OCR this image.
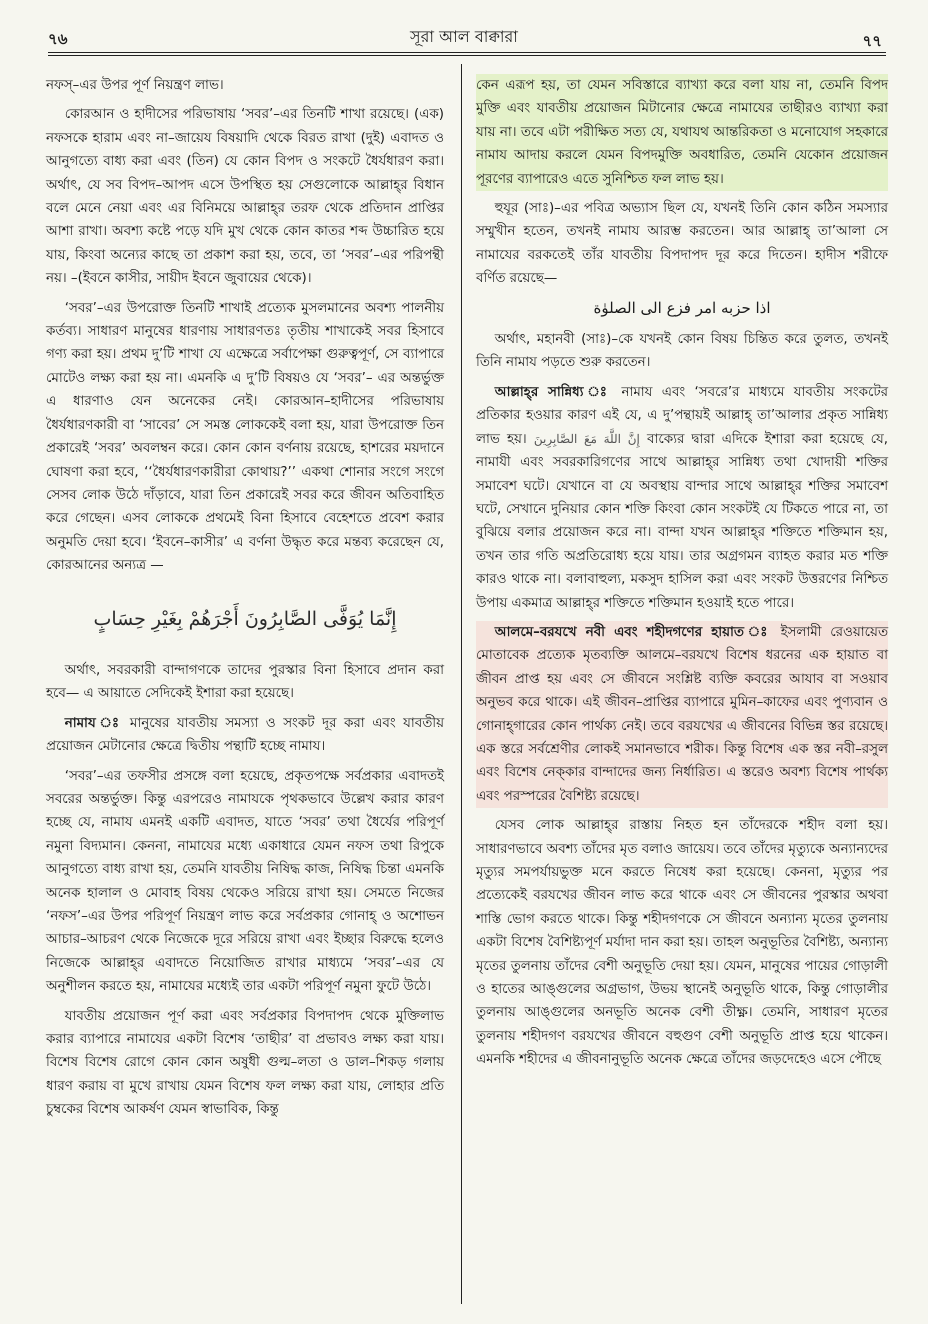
৭৬	সূরা আল বাক্বারা	৭৭

নফস্‌–এর উপর পূর্ণ নিয়ন্ত্রণ লাভ।

কোরআন ও হাদীসের পরিভাষায় ‘সবর’–এর তিনটি শাখা রয়েছে। (এক) নফসকে হারাম এবং না–জায়েয বিষয়াদি থেকে বিরত রাখা (দুই) এবাদত ও আনুগত্যে বাধ্য করা এবং (তিন) যে কোন বিপদ ও সংকটে ধৈর্যধারণ করা। অর্থাৎ, যে সব বিপদ–আপদ এসে উপস্থিত হয় সেগুলোকে আল্লাহ্‌র বিধান বলে মেনে নেয়া এবং এর বিনিময়ে আল্লাহ্‌র তরফ থেকে প্রতিদান প্রাপ্তির আশা রাখা। অবশ্য কষ্টে পড়ে যদি মুখ থেকে কোন কাতর শব্দ উচ্চারিত হয়ে যায়, কিংবা অন্যের কাছে তা প্রকাশ করা হয়, তবে, তা ‘সবর’–এর পরিপন্থী নয়। –(ইবনে কাসীর, সায়ীদ ইবনে জুবায়ের থেকে)।

‘সবর’–এর উপরোক্ত তিনটি শাখাই প্রত্যেক মুসলমানের অবশ্য পালনীয় কর্তব্য। সাধারণ মানুষের ধারণায় সাধারণতঃ তৃতীয় শাখাকেই সবর হিসাবে গণ্য করা হয়। প্রথম দু’টি শাখা যে এক্ষেত্রে সর্বাপেক্ষা গুরুত্বপূর্ণ, সে ব্যাপারে মোটেও লক্ষ্য করা হয় না। এমনকি এ দু’টি বিষয়ও যে ‘সবর’– এর অন্তর্ভুক্ত এ ধারণাও যেন অনেকের নেই। কোরআন–হাদীসের পরিভাষায় ধৈর্যধারণকারী বা ‘সাবের’ সে সমস্ত লোককেই বলা হয়, যারা উপরোক্ত তিন প্রকারেই ‘সবর’ অবলম্বন করে। কোন কোন বর্ণনায় রয়েছে, হাশরের ময়দানে ঘোষণা করা হবে, ‘‘ধৈর্যধারণকারীরা কোথায়?’’ একথা শোনার সংগে সংগে সেসব লোক উঠে দাঁড়াবে, যারা তিন প্রকারেই সবর করে জীবন অতিবাহিত করে গেছেন। এসব লোককে প্রথমেই বিনা হিসাবে বেহেশতে প্রবেশ করার অনুমতি দেয়া হবে। ‘ইবনে–কাসীর’ এ বর্ণনা উদ্ধৃত করে মন্তব্য করেছেন যে, কোরআনের অন্যত্র —

إِنَّمَا يُوَفَّى الصَّابِرُونَ أَجْرَهُمْ بِغَيْرِ حِسَابٍ

অর্থাৎ, সবরকারী বান্দাগণকে তাদের পুরস্কার বিনা হিসাবে প্রদান করা হবে— এ আয়াতে সেদিকেই ইশারা করা হয়েছে।

নামায ঃ মানুষের যাবতীয় সমস্যা ও সংকট দূর করা এবং যাবতীয় প্রয়োজন মেটানোর ক্ষেত্রে দ্বিতীয় পন্থাটি হচ্ছে নামায।

‘সবর’–এর তফসীর প্রসঙ্গে বলা হয়েছে, প্রকৃতপক্ষে সর্বপ্রকার এবাদতই সবরের অন্তর্ভুক্ত। কিন্তু এরপরেও নামাযকে পৃথকভাবে উল্লেখ করার কারণ হচ্ছে যে, নামায এমনই একটি এবাদত, যাতে ‘সবর’ তথা ধৈর্যের পরিপূর্ণ নমুনা বিদ্যমান। কেননা, নামাযের মধ্যে একাধারে যেমন নফস তথা রিপুকে আনুগত্যে বাধ্য রাখা হয়, তেমনি যাবতীয় নিষিদ্ধ কাজ, নিষিদ্ধ চিন্তা এমনকি অনেক হালাল ও মোবাহ বিষয় থেকেও সরিয়ে রাখা হয়। সেমতে নিজের ‘নফস’–এর উপর পরিপূর্ণ নিয়ন্ত্রণ লাভ করে সর্বপ্রকার গোনাহ্‌ ও অশোভন আচার–আচরণ থেকে নিজেকে দূরে সরিয়ে রাখা এবং ইচ্ছার বিরুদ্ধে হলেও নিজেকে আল্লাহ্‌র এবাদতে নিয়োজিত রাখার মাধ্যমে ‘সবর’–এর যে অনুশীলন করতে হয়, নামাযের মধ্যেই তার একটা পরিপূর্ণ নমুনা ফুটে উঠে।

যাবতীয় প্রয়োজন পূর্ণ করা এবং সর্বপ্রকার বিপদাপদ থেকে মুক্তিলাভ করার ব্যাপারে নামাযের একটা বিশেষ ‘তাছীর’ বা প্রভাবও লক্ষ্য করা যায়। বিশেষ বিশেষ রোগে কোন কোন অষুধী গুল্ম–লতা ও ডাল–শিকড় গলায় ধারণ করায় বা মুখে রাখায় যেমন বিশেষ ফল লক্ষ্য করা যায়, লোহার প্রতি চুম্বকের বিশেষ আকর্ষণ যেমন স্বাভাবিক, কিন্তু

কেন এরূপ হয়, তা যেমন সবিস্তারে ব্যাখ্যা করে বলা যায় না, তেমনি বিপদ মুক্তি এবং যাবতীয় প্রয়োজন মিটানোর ক্ষেত্রে নামাযের তাছীরও ব্যাখ্যা করা যায় না। তবে এটা পরীক্ষিত সত্য যে, যথাযথ আন্তরিকতা ও মনোযোগ সহকারে নামায আদায় করলে যেমন বিপদমুক্তি অবধারিত, তেমনি যেকোন প্রয়োজন পূরণের ব্যাপারেও এতে সুনিশ্চিত ফল লাভ হয়।

হুযূর (সাঃ)–এর পবিত্র অভ্যাস ছিল যে, যখনই তিনি কোন কঠিন সমস্যার সম্মুখীন হতেন, তখনই নামায আরম্ভ করতেন। আর আল্লাহ্‌ তা’আলা সে নামাযের বরকতেই তাঁর যাবতীয় বিপদাপদ দূর করে দিতেন। হাদীস শরীফে বর্ণিত রয়েছে—

اذا حزبه امر فزع الى الصلوٰة

অর্থাৎ, মহানবী (সাঃ)–কে যখনই কোন বিষয় চিন্তিত করে তুলত, তখনই তিনি নামায পড়তে শুরু করতেন।

আল্লাহ্‌র সান্নিধ্য ঃ নামায এবং ‘সবরে’র মাধ্যমে যাবতীয় সংকটের প্রতিকার হওয়ার কারণ এই যে, এ দু’পন্থায়ই আল্লাহ্‌ তা’আলার প্রকৃত সান্নিধ্য লাভ হয়। إِنَّ اللَّهَ مَعَ الصَّابِرِينَ বাক্যের দ্বারা এদিকে ইশারা করা হয়েছে যে, নামাযী এবং সবরকারিগণের সাথে আল্লাহ্‌র সান্নিধ্য তথা খোদায়ী শক্তির সমাবেশ ঘটে। যেখানে বা যে অবস্থায় বান্দার সাথে আল্লাহ্‌র শক্তির সমাবেশ ঘটে, সেখানে দুনিয়ার কোন শক্তি কিংবা কোন সংকটই যে টিকতে পারে না, তা বুঝিয়ে বলার প্রয়োজন করে না। বান্দা যখন আল্লাহ্‌র শক্তিতে শক্তিমান হয়, তখন তার গতি অপ্রতিরোধ্য হয়ে যায়। তার অগ্রগমন ব্যাহত করার মত শক্তি কারও থাকে না। বলাবাহুল্য, মকসুদ হাসিল করা এবং সংকট উত্তরণের নিশ্চিত উপায় একমাত্র আল্লাহ্‌র শক্তিতে শক্তিমান হওয়াই হতে পারে।

আলমে–বরযখে নবী এবং শহীদগণের হায়াত ঃ ইসলামী রেওয়ায়েত মোতাবেক প্রত্যেক মৃতব্যক্তি আলমে–বরযখে বিশেষ ধরনের এক হায়াত বা জীবন প্রাপ্ত হয় এবং সে জীবনে সংশ্লিষ্ট ব্যক্তি কবরের আযাব বা সওয়াব অনুভব করে থাকে। এই জীবন–প্রাপ্তির ব্যাপারে মুমিন–কাফের এবং পুণ্যবান ও গোনাহ্‌গারের কোন পার্থক্য নেই। তবে বরযখের এ জীবনের বিভিন্ন স্তর রয়েছে। এক স্তরে সর্বশ্রেণীর লোকই সমানভাবে শরীক। কিন্তু বিশেষ এক স্তর নবী–রসুল এবং বিশেষ নেক্‌কার বান্দাদের জন্য নির্ধারিত। এ স্তরেও অবশ্য বিশেষ পার্থক্য এবং পরস্পরের বৈশিষ্ট্য রয়েছে।

যেসব লোক আল্লাহ্‌র রাস্তায় নিহত হন তাঁদেরকে শহীদ বলা হয়। সাধারণভাবে অবশ্য তাঁদের মৃত বলাও জায়েয। তবে তাঁদের মৃত্যুকে অন্যান্যদের মৃত্যুর সমপর্যায়ভুক্ত মনে করতে নিষেধ করা হয়েছে। কেননা, মৃত্যুর পর প্রত্যেকেই বরযখের জীবন লাভ করে থাকে এবং সে জীবনের পুরস্কার অথবা শাস্তি ভোগ করতে থাকে। কিন্তু শহীদগণকে সে জীবনে অন্যান্য মৃতের তুলনায় একটা বিশেষ বৈশিষ্ট্যপূর্ণ মর্যাদা দান করা হয়। তাহল অনুভূতির বৈশিষ্ট্য, অন্যান্য মৃতের তুলনায় তাঁদের বেশী অনুভূতি দেয়া হয়। যেমন, মানুষের পায়ের গোড়ালী ও হাতের আঙ্গুলের অগ্রভাগ, উভয় স্থানেই অনুভূতি থাকে, কিন্তু গোড়ালীর তুলনায় আঙ্গুলের অনভূতি অনেক বেশী তীক্ষ্ণ। তেমনি, সাধারণ মৃতের তুলনায় শহীদগণ বরযখের জীবনে বহুগুণ বেশী অনুভূতি প্রাপ্ত হয়ে থাকেন। এমনকি শহীদের এ জীবনানুভূতি অনেক ক্ষেত্রে তাঁদের জড়দেহেও এসে পৌছে
